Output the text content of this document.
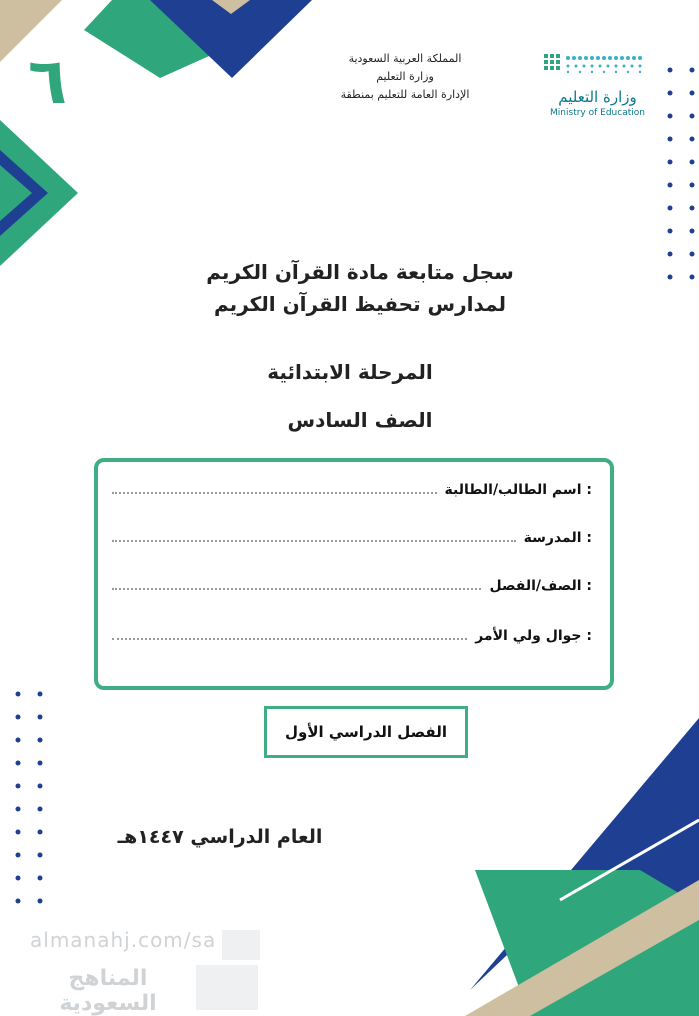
٦	وزارة التعليم
Ministry of Education
المملكة العربية السعودية
وزارة التعليم
الإدارة العامة للتعليم بمنطقة
سجل متابعة مادة القرآن الكريم
لمدارس تحفيظ القرآن الكريم
المرحلة الابتدائية
الصف السادس
اسم الطالب/الطالبة :
المدرسة :
الصف/الفصل :
جوال ولي الأمر :
الفصل الدراسي الأول
العام الدراسي ١٤٤٧هـ
almanahj.com/sa
المناهج السعودية
